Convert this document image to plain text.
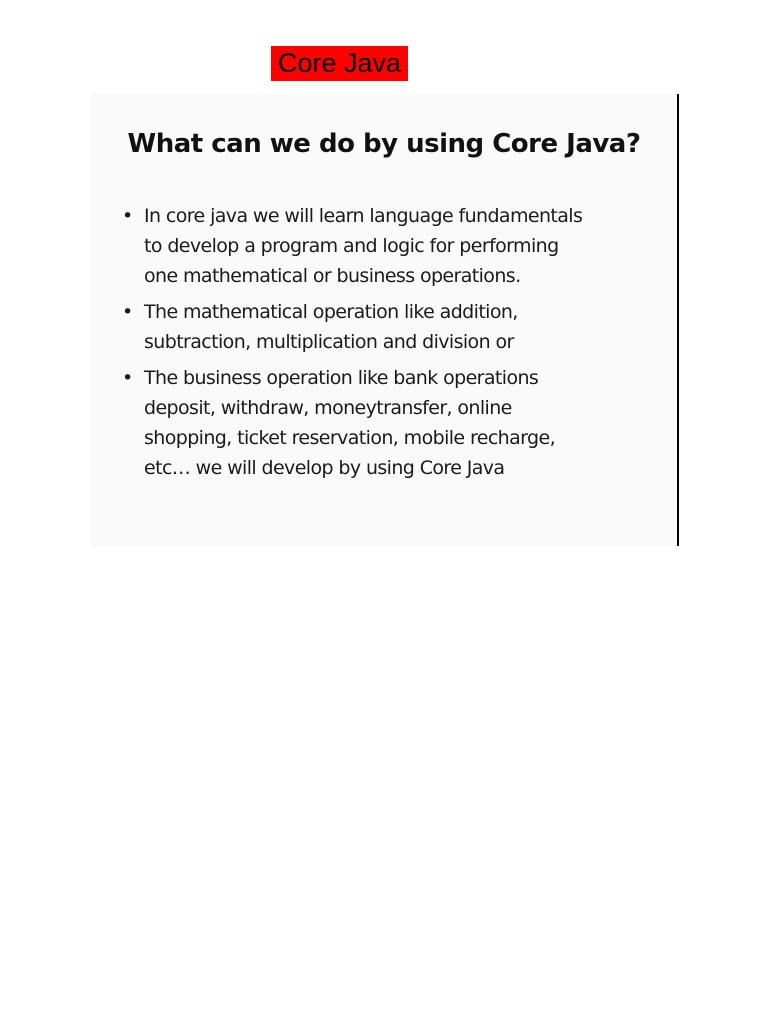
Core Java
What can we do by using Core Java?
• In core java we will learn language fundamentals
to develop a program and logic for performing
one mathematical or business operations.
• The mathematical operation like addition,
subtraction, multiplication and division or
• The business operation like bank operations
deposit, withdraw, moneytransfer, online
shopping, ticket reservation, mobile recharge,
etc… we will develop by using Core Java
